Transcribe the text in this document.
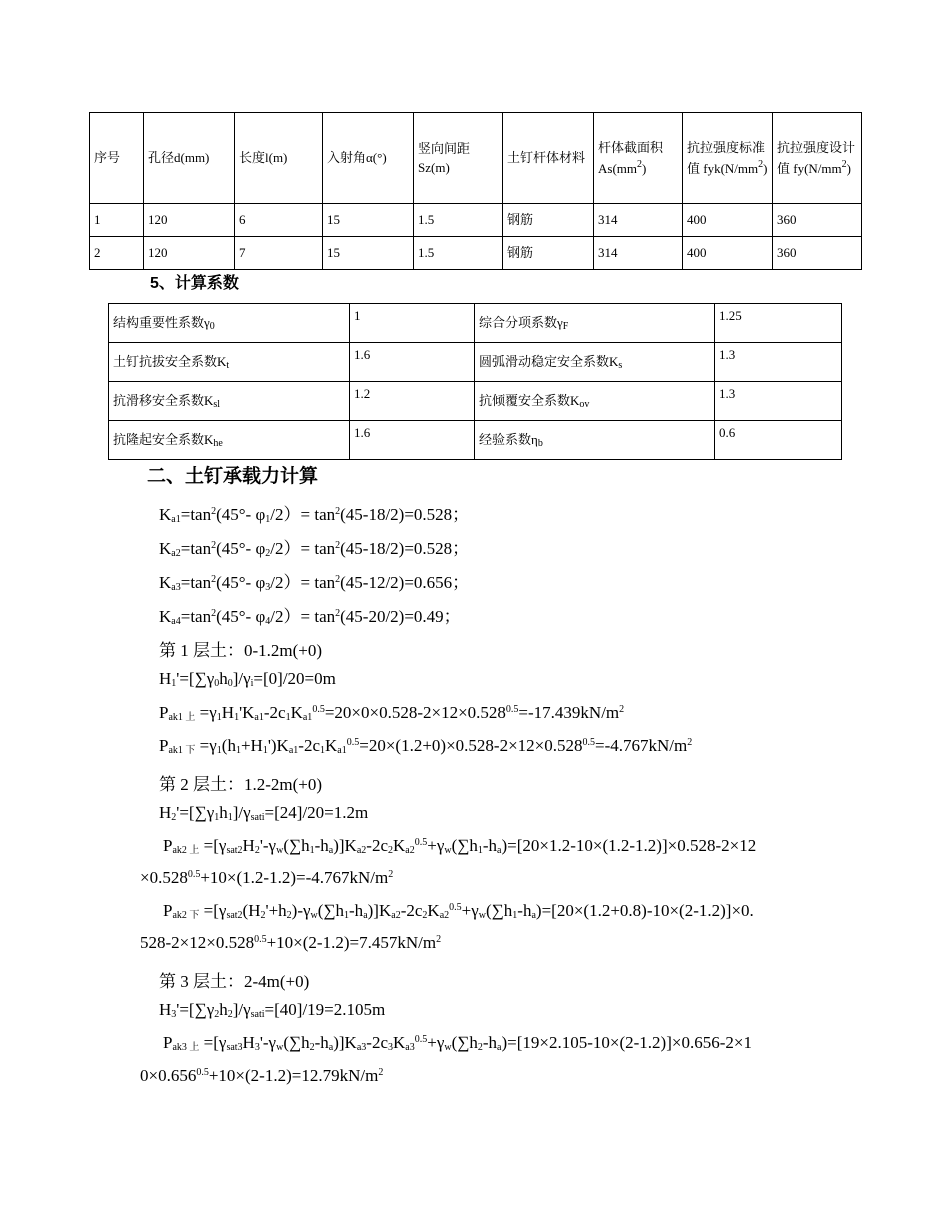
序号	孔径d(mm)	长度l(m)	入射角α(°)	竖向间距Sz(m)	土钉杆体材料	杆体截面积$As(mm^2)$	抗拉强度标准值 $fyk(N/mm^2)$	抗拉强度设计值 $fy(N/mm^2)$
1	120	6	15	1.5	钢筋	314	400	360
2	120	7	15	1.5	钢筋	314	400	360
5、计算系数
结构重要性系数$\gamma_0$	1	综合分项系数$\gamma_F$	1.25
土钉抗拔安全系数$K_t$	1.6	圆弧滑动稳定安全系数$K_s$	1.3
抗滑移安全系数$K_{sl}$	1.2	抗倾覆安全系数$K_{ov}$	1.3
抗隆起安全系数$K_{he}$	1.6	经验系数$\eta_b$	0.6
二、土钉承载力计算
$K_{a1}=\tan^2(45^\circ-$ $\varphi_1/2)= \tan^2(45-18/2)=0.528$；
$K_{a2}=\tan^2(45^\circ-$ $\varphi_2/2)= \tan^2(45-18/2)=0.528$；
$K_{a3}=\tan^2(45^\circ-$ $\varphi_3/2)= \tan^2(45-12/2)=0.656$；
$K_{a4}=\tan^2(45^\circ-$ $\varphi_4/2)= \tan^2(45-20/2)=0.49$；
第 1 层土：0-1.2m(+0)
$H_1'=[\sum\gamma_0h_0]/\gamma_i=[0]/20=0m$
$P_{ak1 上} =\gamma_1H_1'K_{a1}-2c_1K_{a1}^{0.5}=20\times 0\times 0.528-2\times 12\times 0.528^{0.5}=-17.439kN/m^2$
$P_{ak1 下} =\gamma_1(h_1+H_1')K_{a1}-2c_1K_{a1}^{0.5}=20\times(1.2+0)\times 0.528-2\times 12\times 0.528^{0.5}=-4.767kN/m^2$
第 2 层土：1.2-2m(+0)
$H_2'=[\sum\gamma_1h_1]/\gamma_{sati}=[24]/20=1.2m$
$P_{ak2 上} =[\gamma_{sat2}H_2'-\gamma_w(\sum h_1-h_a)]K_{a2}-2c_2K_{a2}^{0.5}+\gamma_w(\sum h_1-h_a)=[20\times 1.2-10\times(1.2-1.2)]\times 0.528-2\times 12$
$\times 0.528^{0.5}+10\times(1.2-1.2)=-4.767kN/m^2$
$P_{ak2 下} =[\gamma_{sat2}(H_2'+h_2)-\gamma_w(\sum h_1-h_a)]K_{a2}-2c_2K_{a2}^{0.5}+\gamma_w(\sum h_1-h_a)=[20\times(1.2+0.8)-10\times(2-1.2)]\times 0$.
$528-2\times 12\times 0.528^{0.5}+10\times(2-1.2)=7.457kN/m^2$
第 3 层土：2-4m(+0)
$H_3'=[\sum\gamma_2h_2]/\gamma_{sati}=[40]/19=2.105m$
$P_{ak3 上} =[\gamma_{sat3}H_3'-\gamma_w(\sum h_2-h_a)]K_{a3}-2c_3K_{a3}^{0.5}+\gamma_w(\sum h_2-h_a)=[19\times 2.105-10\times(2-1.2)]\times 0.656-2\times 1$
$0\times 0.656^{0.5}+10\times(2-1.2)=12.79kN/m^2$
